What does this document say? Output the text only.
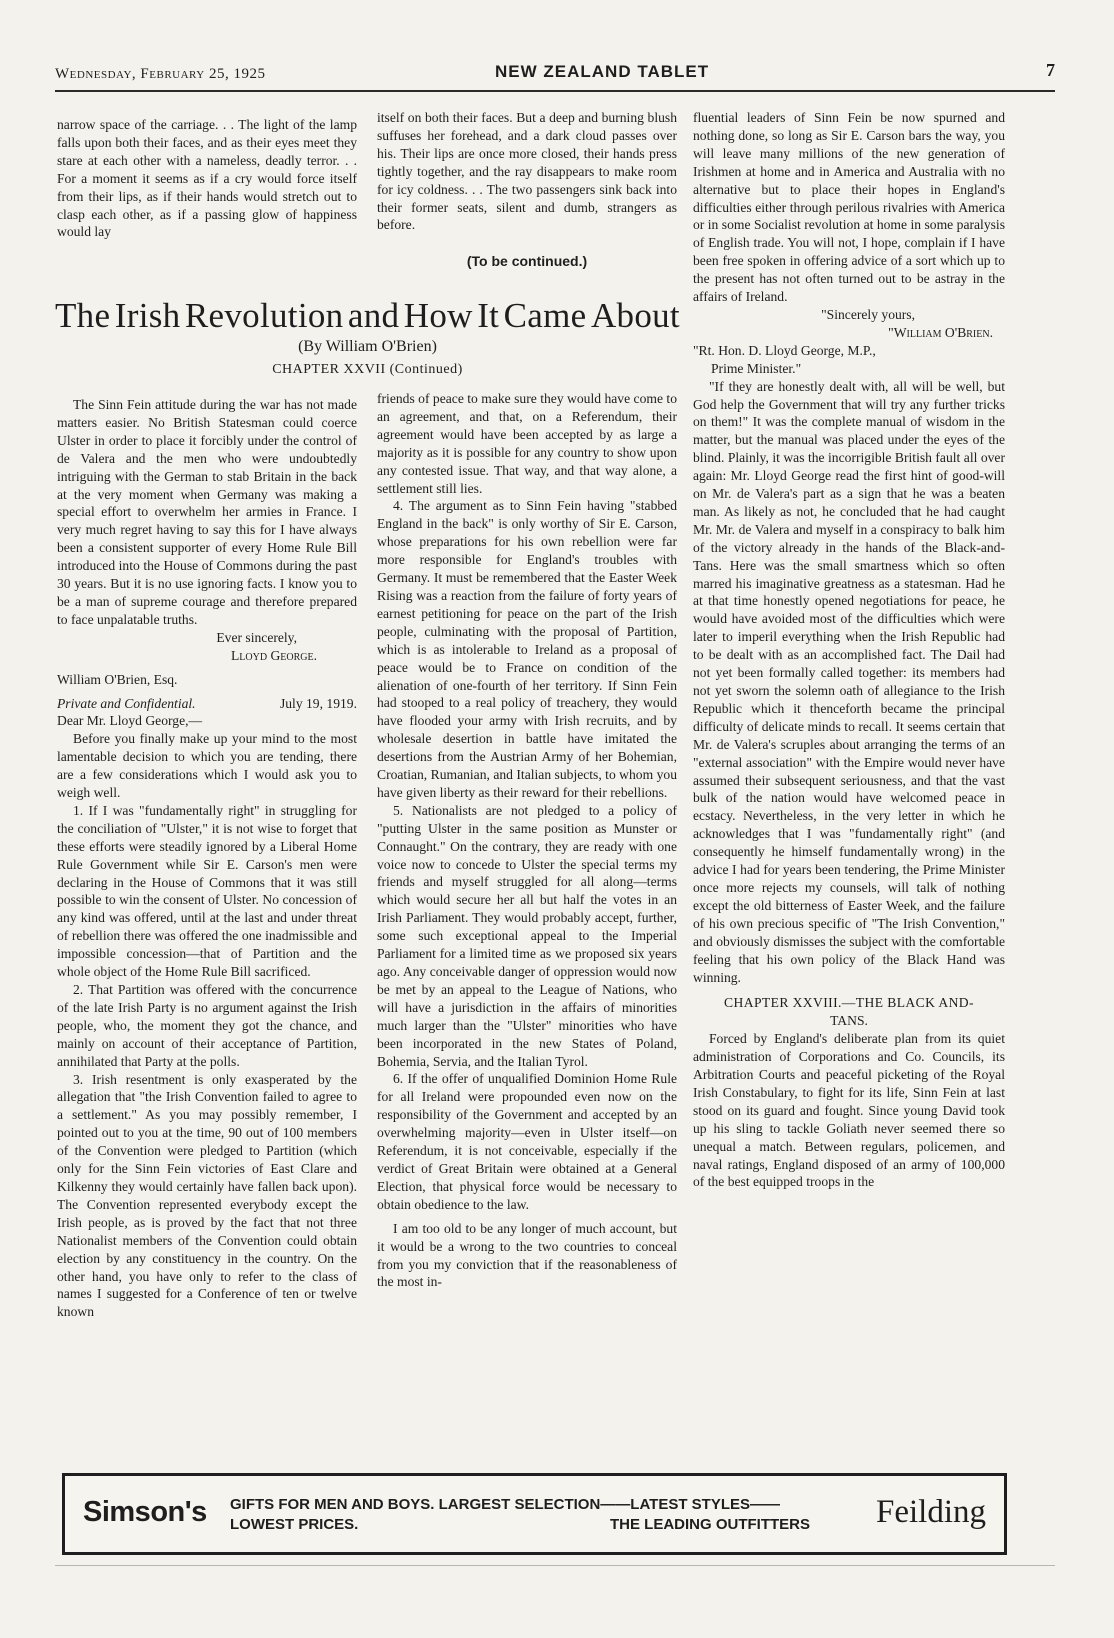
Wednesday, February 25, 1925	NEW ZEALAND TABLET	7

narrow space of the carriage. . . The light of the lamp falls upon both their faces, and as their eyes meet they stare at each other with a nameless, deadly terror. . . For a moment it seems as if a cry would force itself from their lips, as if their hands would stretch out to clasp each other, as if a passing glow of happiness would lay

itself on both their faces. But a deep and burning blush suffuses her forehead, and a dark cloud passes over his. Their lips are once more closed, their hands press tightly together, and the ray disappears to make room for icy coldness. . . The two passengers sink back into their former seats, silent and dumb, strangers as before.

(To be continued.)
The Irish Revolution and How It Came About
(By William O'Brien)
CHAPTER XXVII (Continued)

The Sinn Fein attitude during the war has not made matters easier. No British Statesman could coerce Ulster in order to place it forcibly under the control of de Valera and the men who were undoubtedly intriguing with the German to stab Britain in the back at the very moment when Germany was making a special effort to overwhelm her armies in France. I very much regret having to say this for I have always been a consistent supporter of every Home Rule Bill introduced into the House of Commons during the past 30 years. But it is no use ignoring facts. I know you to be a man of supreme courage and therefore prepared to face unpalatable truths.

Ever sincerely,

Lloyd George.

William O'Brien, Esq.

Private and Confidential.	July 19, 1919.

Dear Mr. Lloyd George,—

Before you finally make up your mind to the most lamentable decision to which you are tending, there are a few considerations which I would ask you to weigh well.

1. If I was "fundamentally right" in struggling for the conciliation of "Ulster," it is not wise to forget that these efforts were steadily ignored by a Liberal Home Rule Government while Sir E. Carson's men were declaring in the House of Commons that it was still possible to win the consent of Ulster. No concession of any kind was offered, until at the last and under threat of rebellion there was offered the one inadmissible and impossible concession—that of Partition and the whole object of the Home Rule Bill sacrificed.

2. That Partition was offered with the concurrence of the late Irish Party is no argument against the Irish people, who, the moment they got the chance, and mainly on account of their acceptance of Partition, annihilated that Party at the polls.

3. Irish resentment is only exasperated by the allegation that "the Irish Convention failed to agree to a settlement." As you may possibly remember, I pointed out to you at the time, 90 out of 100 members of the Convention were pledged to Partition (which only for the Sinn Fein victories of East Clare and Kilkenny they would certainly have fallen back upon). The Convention represented everybody except the Irish people, as is proved by the fact that not three Nationalist members of the Convention could obtain election by any constituency in the country. On the other hand, you have only to refer to the class of names I suggested for a Conference of ten or twelve known

friends of peace to make sure they would have come to an agreement, and that, on a Referendum, their agreement would have been accepted by as large a majority as it is possible for any country to show upon any contested issue. That way, and that way alone, a settlement still lies.

4. The argument as to Sinn Fein having "stabbed England in the back" is only worthy of Sir E. Carson, whose preparations for his own rebellion were far more responsible for England's troubles with Germany. It must be remembered that the Easter Week Rising was a reaction from the failure of forty years of earnest petitioning for peace on the part of the Irish people, culminating with the proposal of Partition, which is as intolerable to Ireland as a proposal of peace would be to France on condition of the alienation of one-fourth of her territory. If Sinn Fein had stooped to a real policy of treachery, they would have flooded your army with Irish recruits, and by wholesale desertion in battle have imitated the desertions from the Austrian Army of her Bohemian, Croatian, Rumanian, and Italian subjects, to whom you have given liberty as their reward for their rebellions.

5. Nationalists are not pledged to a policy of "putting Ulster in the same position as Munster or Connaught." On the contrary, they are ready with one voice now to concede to Ulster the special terms my friends and myself struggled for all along—terms which would secure her all but half the votes in an Irish Parliament. They would probably accept, further, some such exceptional appeal to the Imperial Parliament for a limited time as we proposed six years ago. Any conceivable danger of oppression would now be met by an appeal to the League of Nations, who will have a jurisdiction in the affairs of minorities much larger than the "Ulster" minorities who have been incorporated in the new States of Poland, Bohemia, Servia, and the Italian Tyrol.

6. If the offer of unqualified Dominion Home Rule for all Ireland were propounded even now on the responsibility of the Government and accepted by an overwhelming majority—even in Ulster itself—on Referendum, it is not conceivable, especially if the verdict of Great Britain were obtained at a General Election, that physical force would be necessary to obtain obedience to the law.

I am too old to be any longer of much account, but it would be a wrong to the two countries to conceal from you my conviction that if the reasonableness of the most in-

fluential leaders of Sinn Fein be now spurned and nothing done, so long as Sir E. Carson bars the way, you will leave many millions of the new generation of Irishmen at home and in America and Australia with no alternative but to place their hopes in England's difficulties either through perilous rivalries with America or in some Socialist revolution at home in some paralysis of English trade. You will not, I hope, complain if I have been free spoken in offering advice of a sort which up to the present has not often turned out to be astray in the affairs of Ireland.

"Sincerely yours,

"William O'Brien.

"Rt. Hon. D. Lloyd George, M.P.,

Prime Minister."

"If they are honestly dealt with, all will be well, but God help the Government that will try any further tricks on them!" It was the complete manual of wisdom in the matter, but the manual was placed under the eyes of the blind. Plainly, it was the incorrigible British fault all over again: Mr. Lloyd George read the first hint of good-will on Mr. de Valera's part as a sign that he was a beaten man. As likely as not, he concluded that he had caught Mr. Mr. de Valera and myself in a conspiracy to balk him of the victory already in the hands of the Black-and-Tans. Here was the small smartness which so often marred his imaginative greatness as a statesman. Had he at that time honestly opened negotiations for peace, he would have avoided most of the difficulties which were later to imperil everything when the Irish Republic had to be dealt with as an accomplished fact. The Dail had not yet been formally called together: its members had not yet sworn the solemn oath of allegiance to the Irish Republic which it thenceforth became the principal difficulty of delicate minds to recall. It seems certain that Mr. de Valera's scruples about arranging the terms of an "external association" with the Empire would never have assumed their subsequent seriousness, and that the vast bulk of the nation would have welcomed peace in ecstacy. Nevertheless, in the very letter in which he acknowledges that I was "fundamentally right" (and consequently he himself fundamentally wrong) in the advice I had for years been tendering, the Prime Minister once more rejects my counsels, will talk of nothing except the old bitterness of Easter Week, and the failure of his own precious specific of "The Irish Convention," and obviously dismisses the subject with the comfortable feeling that his own policy of the Black Hand was winning.

CHAPTER XXVIII.—THE BLACK AND-

TANS.

Forced by England's deliberate plan from its quiet administration of Corporations and Co. Councils, its Arbitration Courts and peaceful picketing of the Royal Irish Constabulary, to fight for its life, Sinn Fein at last stood on its guard and fought. Since young David took up his sling to tackle Goliath never seemed there so unequal a match. Between regulars, policemen, and naval ratings, England disposed of an army of 100,000 of the best equipped troops in the

Simson's GIFTS FOR MEN AND BOYS. LARGEST SELECTION——LATEST STYLES——
LOWEST PRICES.	THE LEADING OUTFITTERS Feilding
